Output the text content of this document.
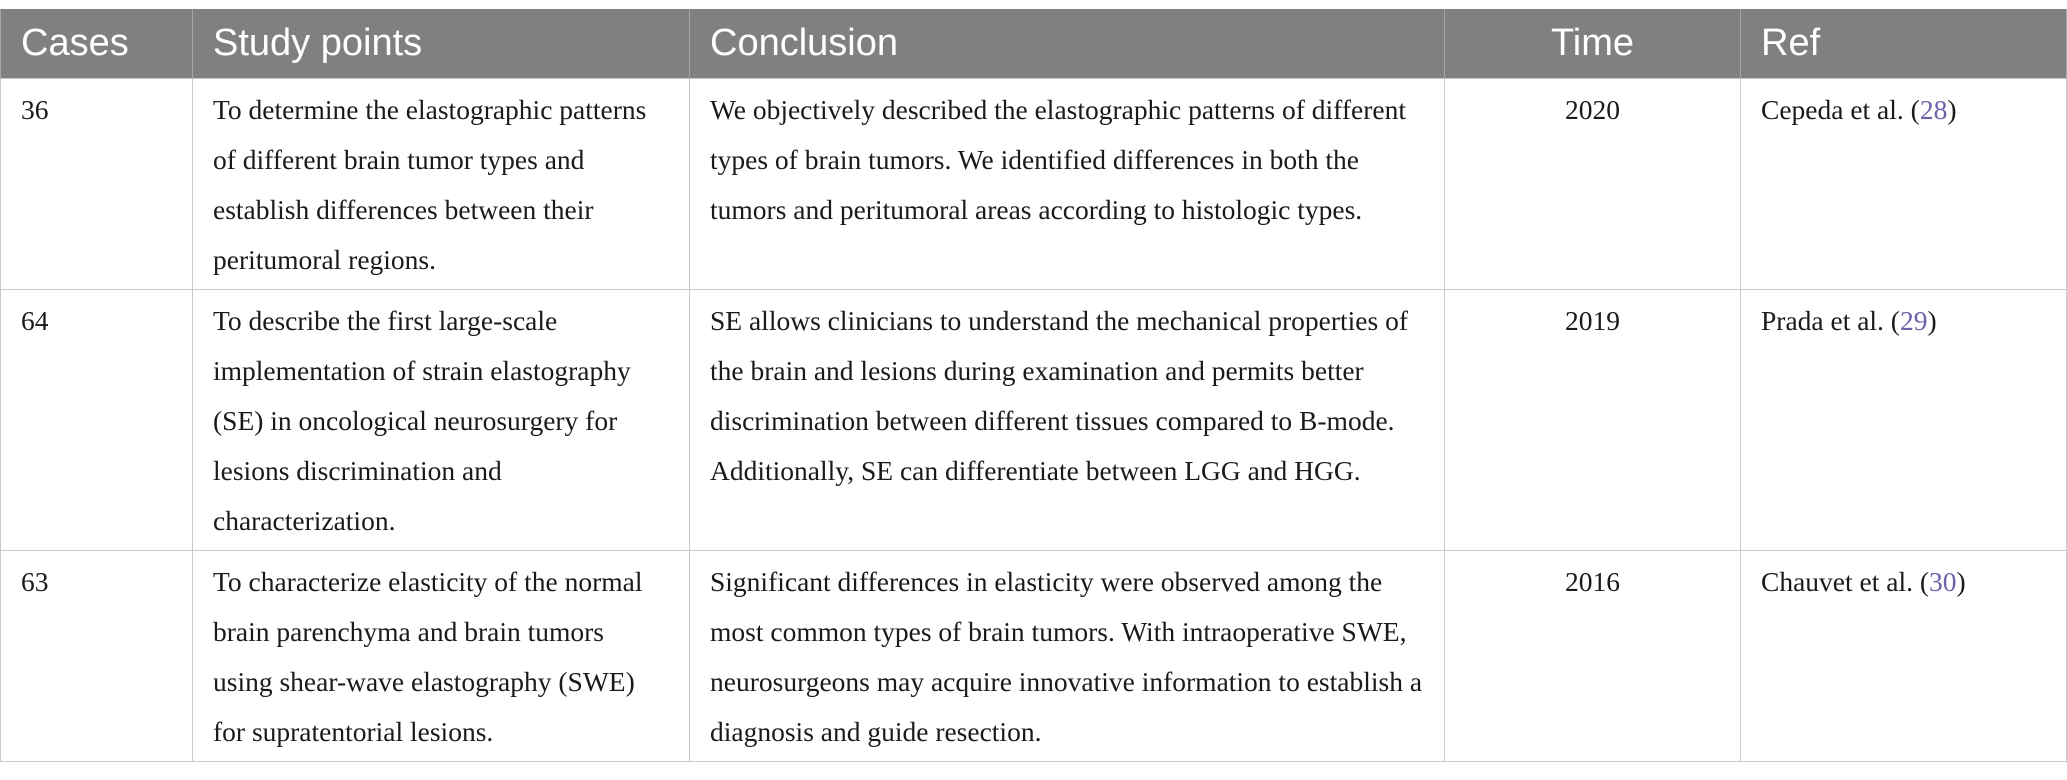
Cases	Study points	Conclusion	Time	Ref
36	To determine the elastographic patterns of different brain tumor types and establish differences between their peritumoral regions.	We objectively described the elastographic patterns of different types of brain tumors. We identified differences in both the tumors and peritumoral areas according to histologic types.	2020	Cepeda et al. (28)
64	To describe the first large-scale implementation of strain elastography (SE) in oncological neurosurgery for lesions discrimination and characterization.	SE allows clinicians to understand the mechanical properties of the brain and lesions during examination and permits better discrimination between different tissues compared to B-mode. Additionally, SE can differentiate between LGG and HGG.	2019	Prada et al. (29)
63	To characterize elasticity of the normal brain parenchyma and brain tumors using shear-wave elastography (SWE) for supratentorial lesions.	Significant differences in elasticity were observed among the most common types of brain tumors. With intraoperative SWE, neurosurgeons may acquire innovative information to establish a diagnosis and guide resection.	2016	Chauvet et al. (30)
